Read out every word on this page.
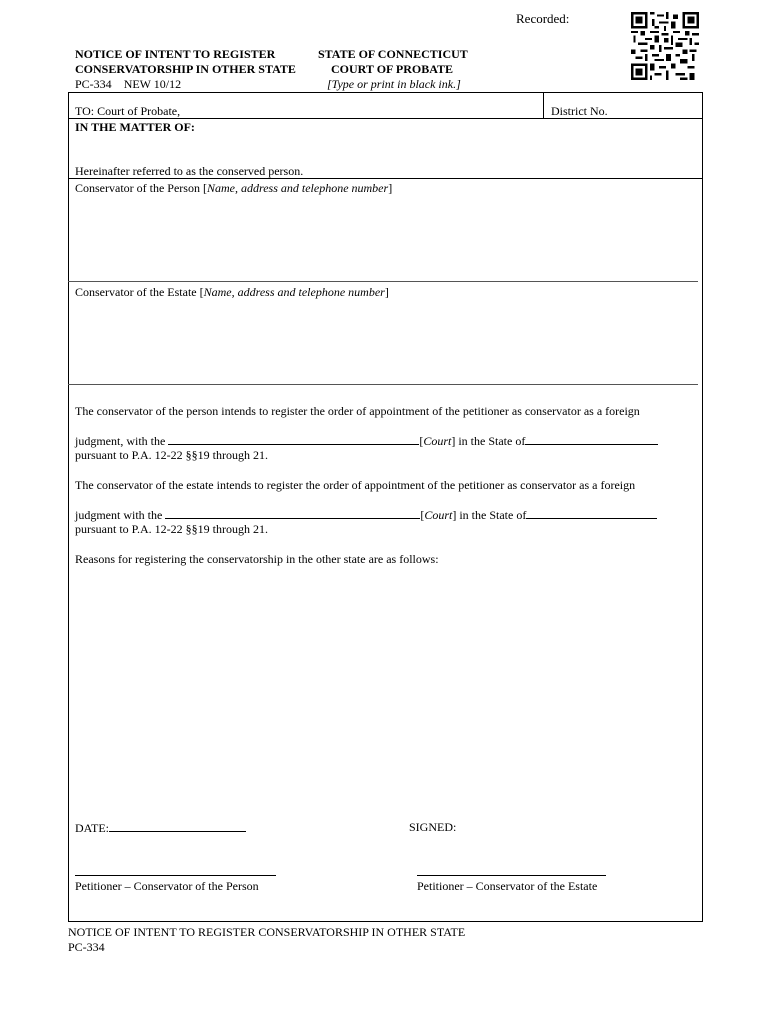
Recorded:
NOTICE OF INTENT TO REGISTER
CONSERVATORSHIP IN OTHER STATE
PC-334 NEW 10/12
STATE OF CONNECTICUT
COURT OF PROBATE
[Type or print in black ink.]
TO: Court of Probate,	District No.
IN THE MATTER OF:
Hereinafter referred to as the conserved person.
Conservator of the Person [Name, address and telephone number]
Conservator of the Estate [Name, address and telephone number]
The conservator of the person intends to register the order of appointment of the petitioner as conservator as a foreign
judgment, with the	[Court] in the State of
pursuant to P.A. 12-22 §§19 through 21.
The conservator of the estate intends to register the order of appointment of the petitioner as conservator as a foreign
judgment with the	[Court] in the State of
pursuant to P.A. 12-22 §§19 through 21.
Reasons for registering the conservatorship in the other state are as follows:
DATE:	SIGNED:
Petitioner – Conservator of the Person	Petitioner – Conservator of the Estate
NOTICE OF INTENT TO REGISTER CONSERVATORSHIP IN OTHER STATE
PC-334
